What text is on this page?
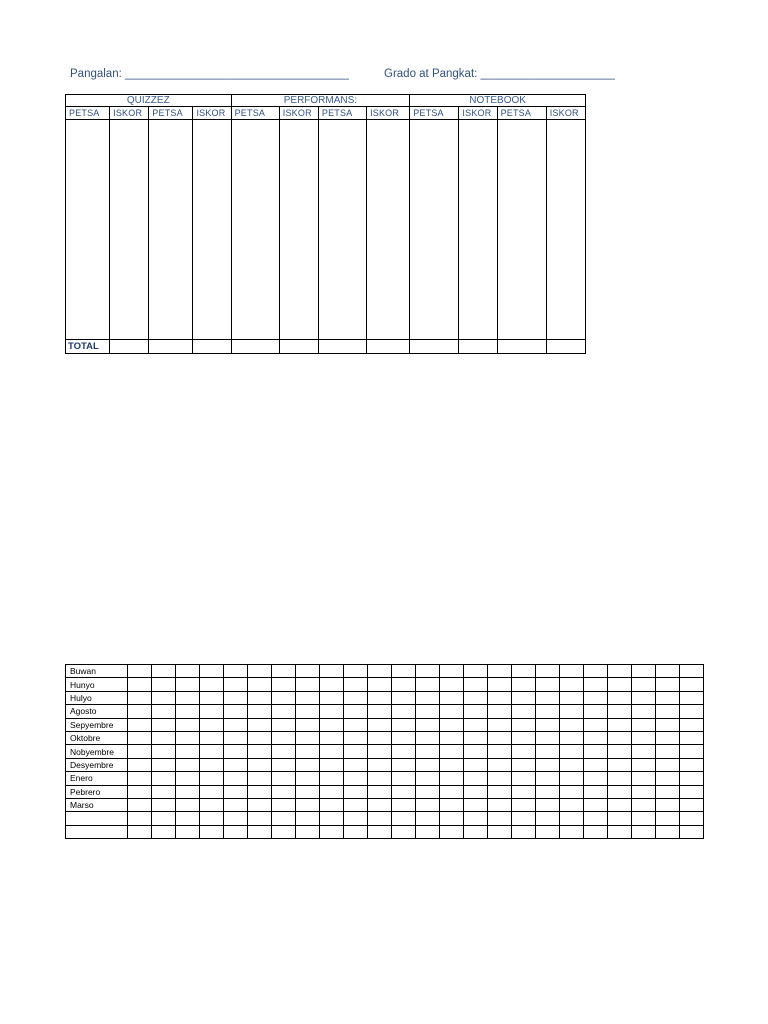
Pangalan: ___________________________________	Grado at Pangkat: _____________________
QUIZZEZ				PERFORMANS:				NOTEBOOK			
PETSA	ISKOR	PETSA	ISKOR	PETSA	ISKOR	PETSA	ISKOR	PETSA	ISKOR	PETSA	ISKOR

TOTAL											
Buwan																								
Hunyo																								
Hulyo																								
Agosto																								
Sepyembre																								
Oktobre																								
Nobyembre																								
Desyembre																								
Enero																								
Pebrero																								
Marso																								
